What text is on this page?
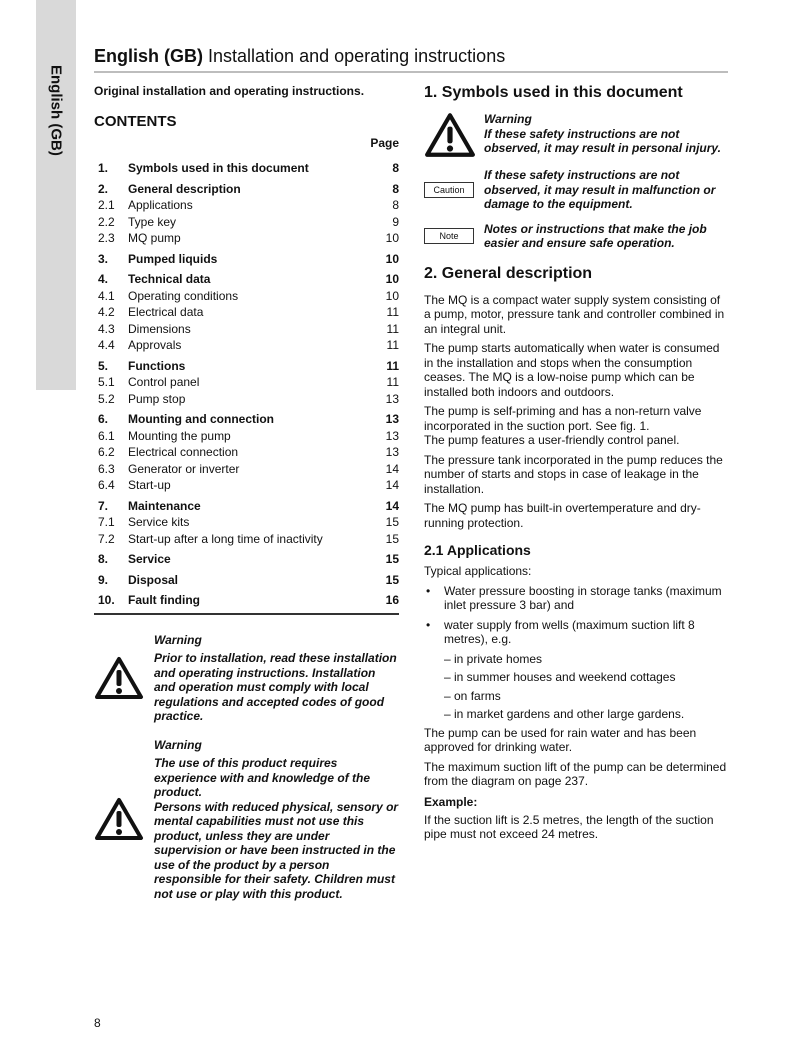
English (GB)
English (GB) Installation and operating instructions
Original installation and operating instructions.
CONTENTS
Page
1.	Symbols used in this document	8
2.	General description	8
2.1	Applications	8
2.2	Type key	9
2.3	MQ pump	10
3.	Pumped liquids	10
4.	Technical data	10
4.1	Operating conditions	10
4.2	Electrical data	11
4.3	Dimensions	11
4.4	Approvals	11
5.	Functions	11
5.1	Control panel	11
5.2	Pump stop	13
6.	Mounting and connection	13
6.1	Mounting the pump	13
6.2	Electrical connection	13
6.3	Generator or inverter	14
6.4	Start-up	14
7.	Maintenance	14
7.1	Service kits	15
7.2	Start-up after a long time of inactivity	15
8.	Service	15
9.	Disposal	15
10.	Fault finding	16
Warning
Prior to installation, read these installation and operating instructions. Installation and operation must comply with local regulations and accepted codes of good practice.
Warning
The use of this product requires experience with and knowledge of the product.
Persons with reduced physical, sensory or mental capabilities must not use this product, unless they are under supervision or have been instructed in the use of the product by a person responsible for their safety. Children must not use or play with this product.
1. Symbols used in this document
Warning
If these safety instructions are not observed, it may result in personal injury.
Caution
If these safety instructions are not observed, it may result in malfunction or damage to the equipment.
Note
Notes or instructions that make the job easier and ensure safe operation.
2. General description

The MQ is a compact water supply system consisting of a pump, motor, pressure tank and controller combined in an integral unit.

The pump starts automatically when water is consumed in the installation and stops when the consumption ceases. The MQ is a low-noise pump which can be installed both indoors and outdoors.

The pump is self-priming and has a non-return valve incorporated in the suction port. See fig. 1.

The pump features a user-friendly control panel.

The pressure tank incorporated in the pump reduces the number of starts and stops in case of leakage in the installation.

The MQ pump has built-in overtemperature and dry-running protection.

2.1 Applications

Typical applications:

• Water pressure boosting in storage tanks (maximum inlet pressure 3 bar) and
• water supply from wells (maximum suction lift 8 metres), e.g.
– in private homes
– in summer houses and weekend cottages
– on farms
– in market gardens and other large gardens.

The pump can be used for rain water and has been approved for drinking water.

The maximum suction lift of the pump can be determined from the diagram on page 237.

Example:

If the suction lift is 2.5 metres, the length of the suction pipe must not exceed 24 metres.

8
